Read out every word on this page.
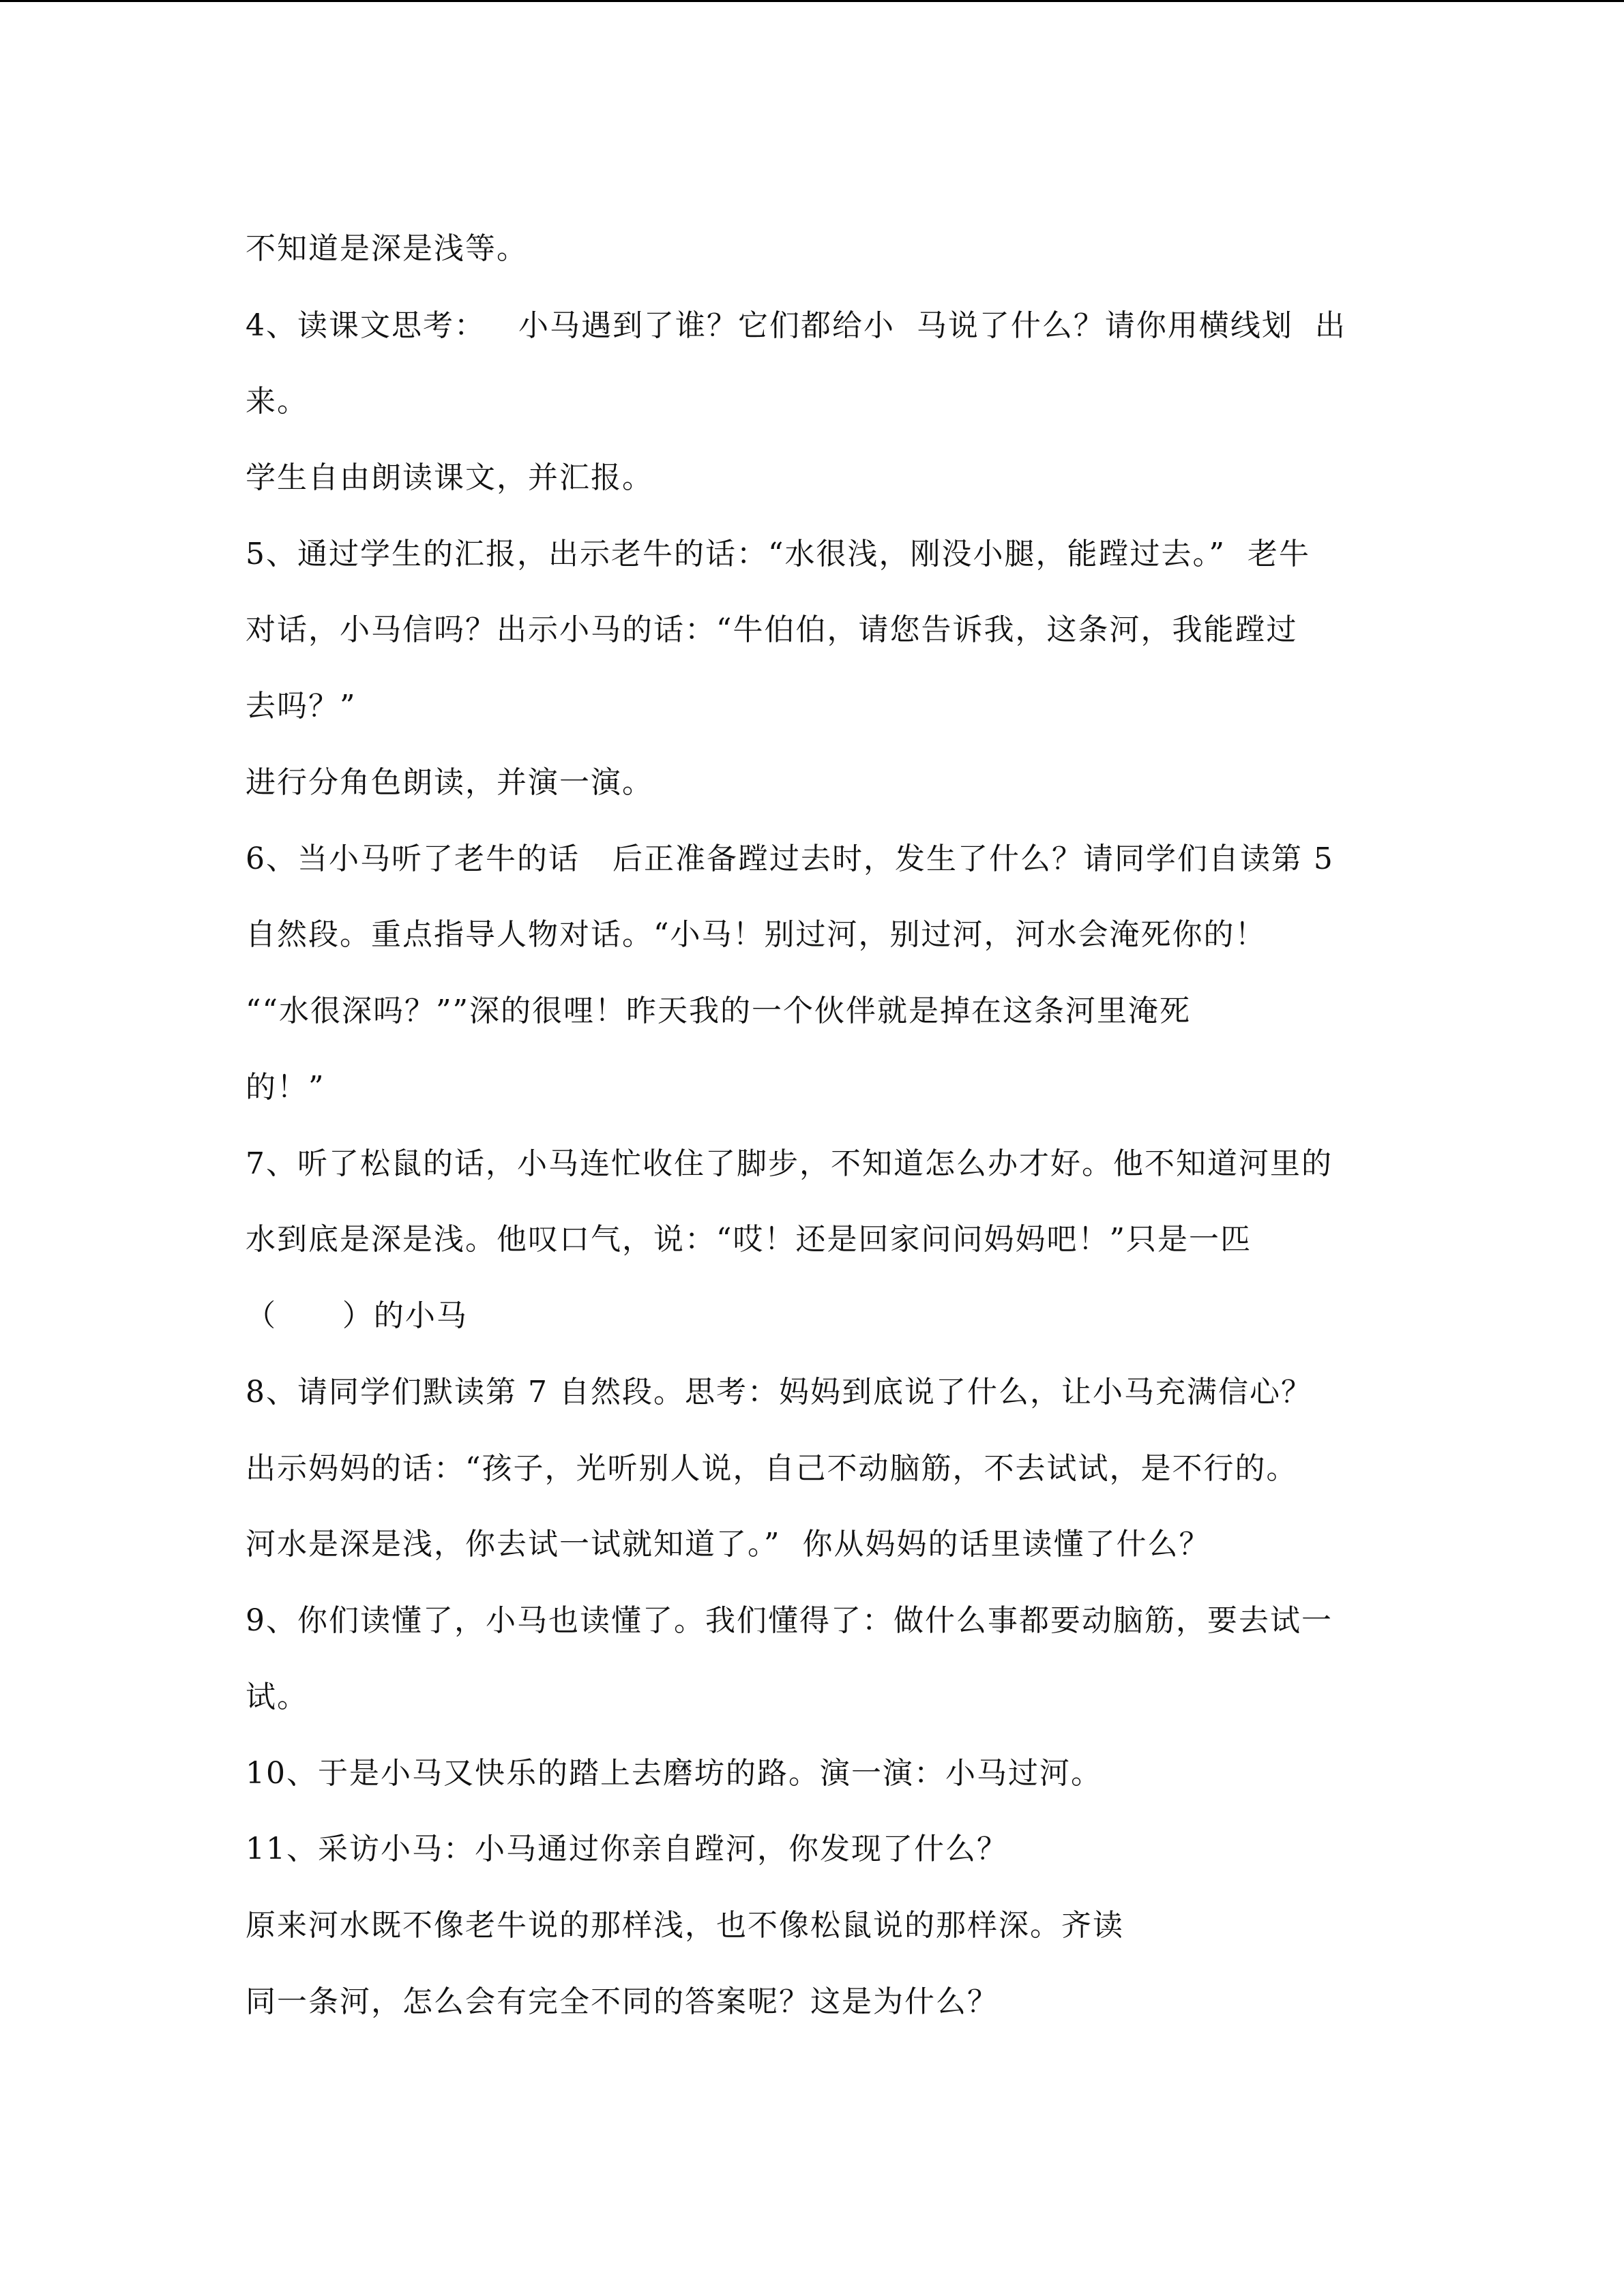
不知道是深是浅等。
4、读课文思考：   小马遇到了谁？它们都给小  马说了什么？请你用横线划  出
来。
学生自由朗读课文，并汇报。
5、通过学生的汇报，出示老牛的话：“水很浅，刚没小腿，能蹚过去。”  老牛
对话，小马信吗？出示小马的话：“牛伯伯，请您告诉我，这条河，我能蹚过
去吗？”
进行分角色朗读，并演一演。
6、当小马听了老牛的话   后正准备蹚过去时，发生了什么？请同学们自读第 5
自然段。重点指导人物对话。“小马！别过河，别过河，河水会淹死你的！
““水很深吗？””深的很哩！昨天我的一个伙伴就是掉在这条河里淹死
的！”
7、听了松鼠的话，小马连忙收住了脚步，不知道怎么办才好。他不知道河里的
水到底是深是浅。他叹口气，说：“哎！还是回家问问妈妈吧！”只是一匹
（      ）的小马
8、请同学们默读第 7 自然段。思考：妈妈到底说了什么，让小马充满信心？
出示妈妈的话：“孩子，光听别人说，自己不动脑筋，不去试试，是不行的。
河水是深是浅，你去试一试就知道了。”  你从妈妈的话里读懂了什么？
9、你们读懂了，小马也读懂了。我们懂得了：做什么事都要动脑筋，要去试一
试。
10、于是小马又快乐的踏上去磨坊的路。演一演：小马过河。
11、采访小马：小马通过你亲自蹚河，你发现了什么？
原来河水既不像老牛说的那样浅，也不像松鼠说的那样深。齐读
同一条河，怎么会有完全不同的答案呢？这是为什么？
